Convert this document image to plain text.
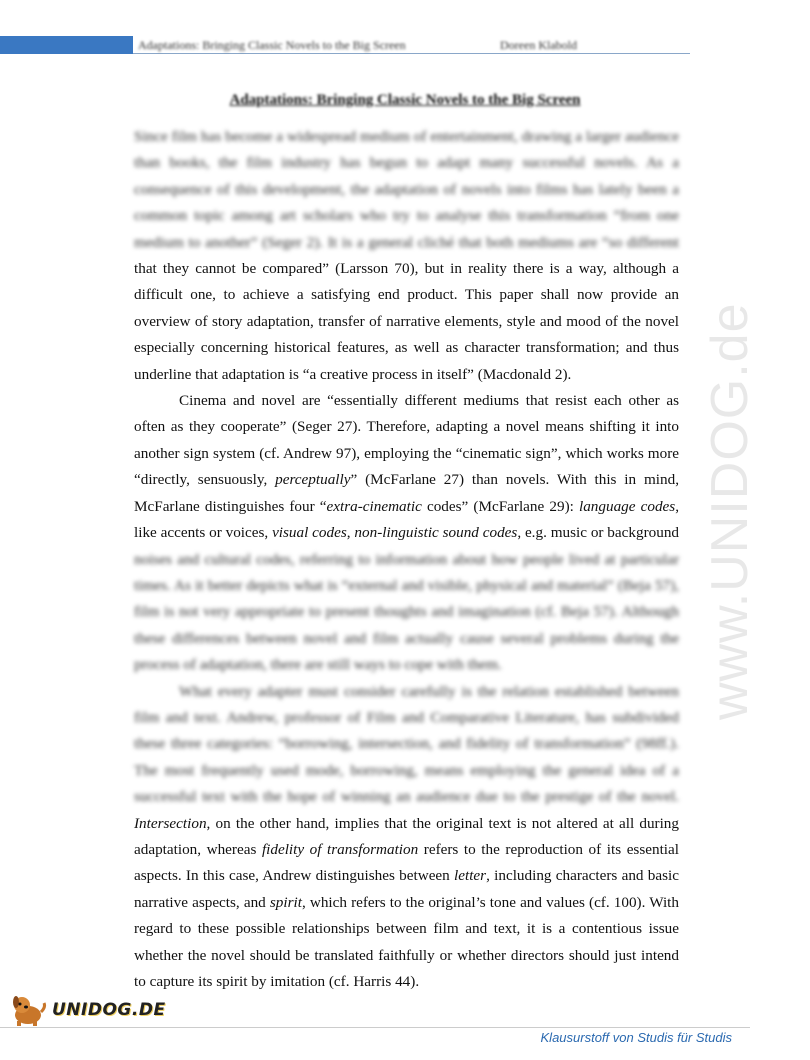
Adaptations: Bringing Classic Novels to the Big Screen	Doreen Klabold
www.UNIDOG.de
Adaptations: Bringing Classic Novels to the Big Screen

Since film has become a widespread medium of entertainment, drawing a larger audience than books, the film industry has begun to adapt many successful novels. As a consequence of this development, the adaptation of novels into films has lately been a common topic among art scholars who try to analyse this transformation “from one medium to another” (Seger 2). It is a general cliché that both mediums are “so different that they cannot be compared” (Larsson 70), but in reality there is a way, although a difficult one, to achieve a satisfying end product. This paper shall now provide an overview of story adaptation, transfer of narrative elements, style and mood of the novel especially concerning historical features, as well as character transformation; and thus underline that adaptation is “a creative process in itself” (Macdonald 2).

Cinema and novel are “essentially different mediums that resist each other as often as they cooperate” (Seger 27). Therefore, adapting a novel means shifting it into another sign system (cf. Andrew 97), employing the “cinematic sign”, which works more “directly, sensuously, perceptually” (McFarlane 27) than novels. With this in mind, McFarlane distinguishes four “extra-cinematic codes” (McFarlane 29): language codes, like accents or voices, visual codes, non-linguistic sound codes, e.g. music or background noises and cultural codes, referring to information about how people lived at particular times. As it better depicts what is “external and visible, physical and material” (Beja 57), film is not very appropriate to present thoughts and imagination (cf. Beja 57). Although these differences between novel and film actually cause several problems during the process of adaptation, there are still ways to cope with them.

What every adapter must consider carefully is the relation established between film and text. Andrew, professor of Film and Comparative Literature, has subdivided these three categories: “borrowing, intersection, and fidelity of transformation” (98ff.). The most frequently used mode, borrowing, means employing the general idea of a successful text with the hope of winning an audience due to the prestige of the novel. Intersection, on the other hand, implies that the original text is not altered at all during adaptation, whereas fidelity of transformation refers to the reproduction of its essential aspects. In this case, Andrew distinguishes between letter, including characters and basic narrative aspects, and spirit, which refers to the original’s tone and values (cf. 100). With regard to these possible relationships between film and text, it is a contentious issue whether the novel should be translated faithfully or whether directors should just intend to capture its spirit by imitation (cf. Harris 44).

UNIDOG.DE
Klausurstoff von Studis für Studis
